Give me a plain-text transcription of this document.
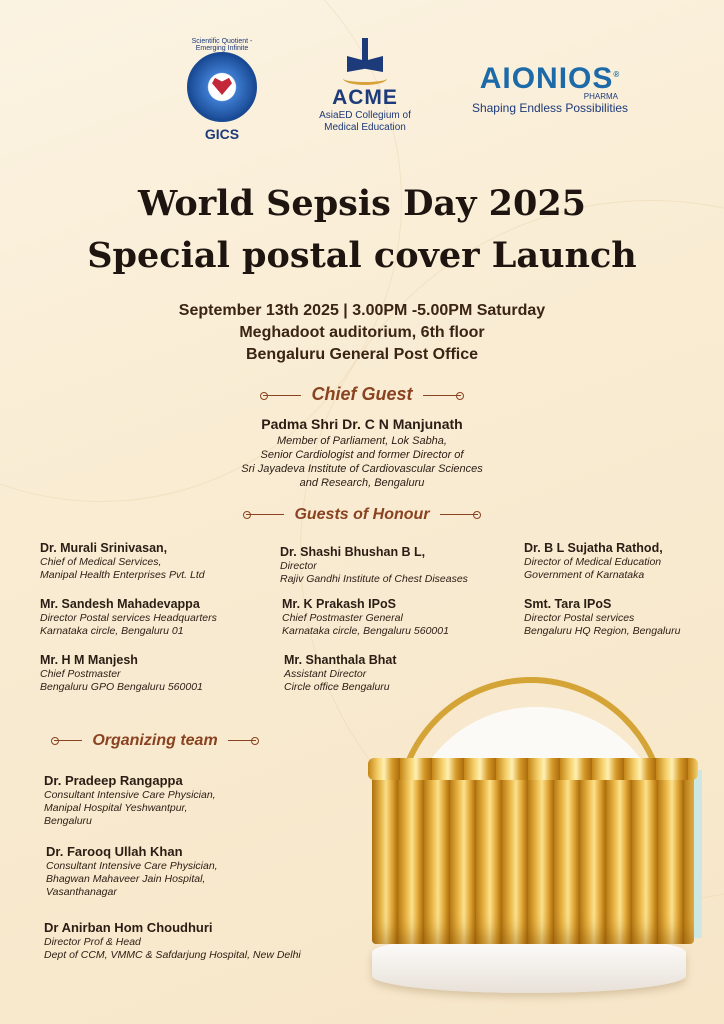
Scientific Quotient - Emerging Infinite
GICS
ACME
AsiaED Collegium of
Medical Education
AIONIOS®
PHARMA
Shaping Endless Possibilities
World Sepsis Day 2025
Special postal cover Launch
September 13th 2025 | 3.00PM -5.00PM Saturday
Meghadoot auditorium, 6th floor
Bengaluru General Post Office
Chief Guest
Padma Shri Dr. C N Manjunath
Member of Parliament, Lok Sabha,
Senior Cardiologist and former Director of
Sri Jayadeva Institute of Cardiovascular Sciences
and Research, Bengaluru
Guests of Honour
Dr. Murali Srinivasan,
Chief of Medical Services,
Manipal Health Enterprises Pvt. Ltd
Dr. Shashi Bhushan B L,
Director
Rajiv Gandhi Institute of Chest Diseases
Dr. B L Sujatha Rathod,
Director of Medical Education
Government of Karnataka
Mr. Sandesh Mahadevappa
Director Postal services Headquarters
Karnataka circle, Bengaluru 01
Mr. K Prakash IPoS
Chief Postmaster General
Karnataka circle, Bengaluru 560001
Smt. Tara IPoS
Director Postal services
Bengaluru HQ Region, Bengaluru
Mr. H M Manjesh
Chief Postmaster
Bengaluru GPO Bengaluru 560001
Mr. Shanthala Bhat
Assistant Director
Circle office Bengaluru
Organizing team
Dr. Pradeep Rangappa
Consultant Intensive Care Physician,
Manipal Hospital Yeshwantpur,
Bengaluru
Dr. Farooq Ullah Khan
Consultant Intensive Care Physician,
Bhagwan Mahaveer Jain Hospital,
Vasanthanagar
Dr Anirban Hom Choudhuri
Director Prof & Head
Dept of CCM, VMMC & Safdarjung Hospital, New Delhi
